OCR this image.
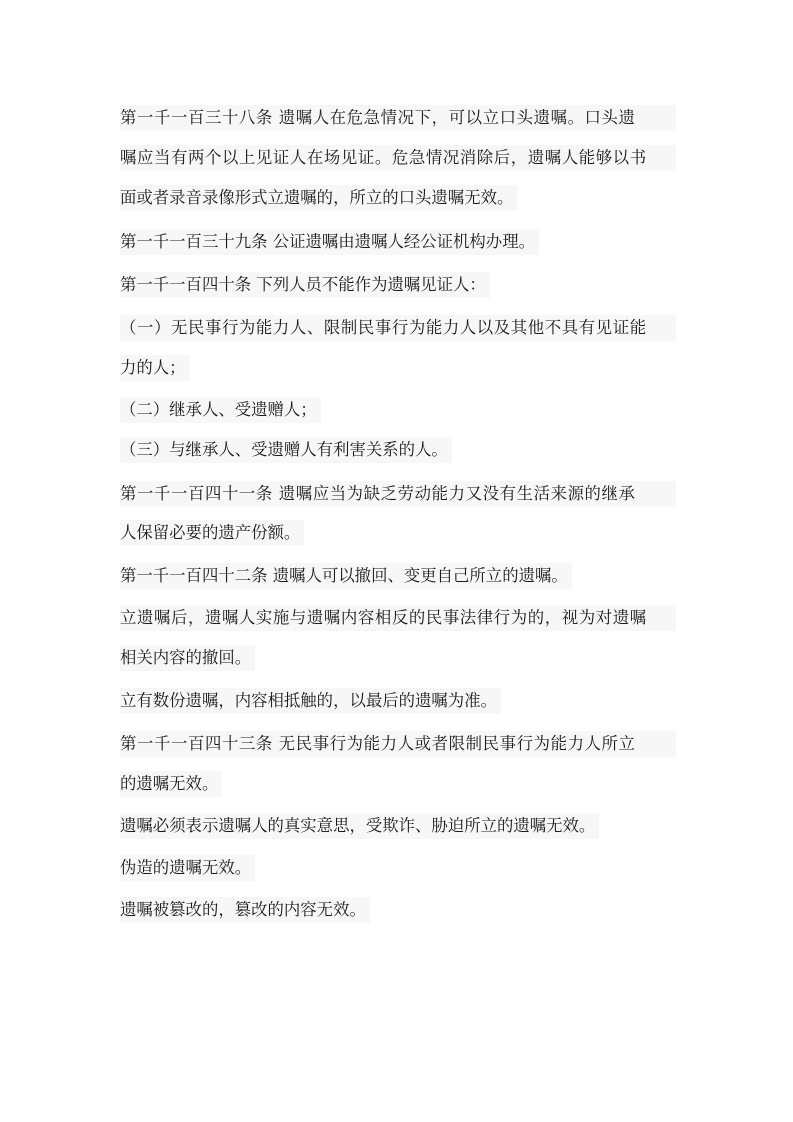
第一千一百三十八条 遗嘱人在危急情况下，可以立口头遗嘱。口头遗
嘱应当有两个以上见证人在场见证。危急情况消除后，遗嘱人能够以书
面或者录音录像形式立遗嘱的，所立的口头遗嘱无效。
第一千一百三十九条 公证遗嘱由遗嘱人经公证机构办理。
第一千一百四十条 下列人员不能作为遗嘱见证人：
（一）无民事行为能力人、限制民事行为能力人以及其他不具有见证能
力的人；
（二）继承人、受遗赠人；
（三）与继承人、受遗赠人有利害关系的人。
第一千一百四十一条 遗嘱应当为缺乏劳动能力又没有生活来源的继承
人保留必要的遗产份额。
第一千一百四十二条 遗嘱人可以撤回、变更自己所立的遗嘱。
立遗嘱后，遗嘱人实施与遗嘱内容相反的民事法律行为的，视为对遗嘱
相关内容的撤回。
立有数份遗嘱，内容相抵触的，以最后的遗嘱为准。
第一千一百四十三条 无民事行为能力人或者限制民事行为能力人所立
的遗嘱无效。
遗嘱必须表示遗嘱人的真实意思，受欺诈、胁迫所立的遗嘱无效。
伪造的遗嘱无效。
遗嘱被篡改的，篡改的内容无效。
